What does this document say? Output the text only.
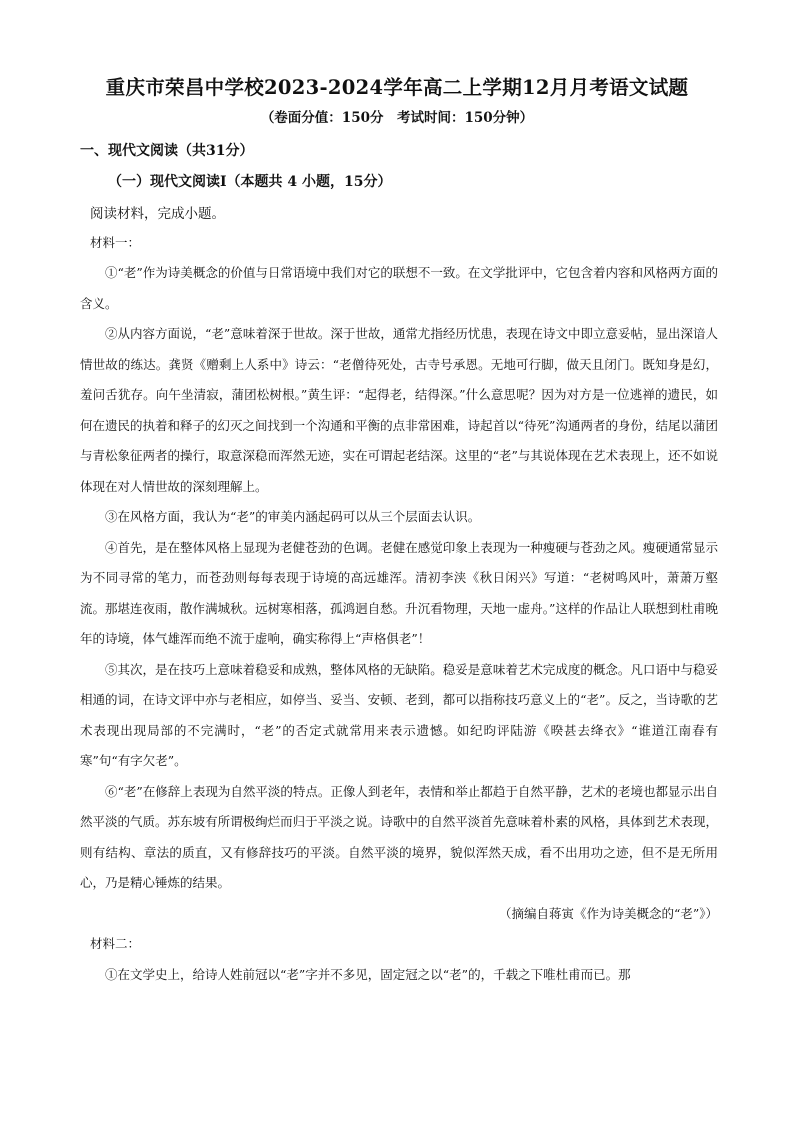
重庆市荣昌中学校2023-2024学年高二上学期12月月考语文试题
（卷面分值：150分　考试时间：150分钟）
一、现代文阅读（共31分）
（一）现代文阅读Ⅰ（本题共 4 小题，15分）
阅读材料，完成小题。
材料一：

①“老”作为诗美概念的价值与日常语境中我们对它的联想不一致。在文学批评中，它包含着内容和风格两方面的含义。

②从内容方面说，“老”意味着深于世故。深于世故，通常尤指经历忧患，表现在诗文中即立意妥帖，显出深谙人情世故的练达。龚贤《赠剩上人系中》诗云：“老僧待死处，古寺号承恩。无地可行脚，做天且闭门。既知身是幻，羞问舌犹存。向午坐清寂，蒲团松树根。”黄生评：“起得老，结得深。”什么意思呢？因为对方是一位逃禅的遗民，如何在遗民的执着和释子的幻灭之间找到一个沟通和平衡的点非常困难，诗起首以“待死”沟通两者的身份，结尾以蒲团与青松象征两者的操行，取意深稳而浑然无迹，实在可谓起老结深。这里的“老”与其说体现在艺术表现上，还不如说体现在对人情世故的深刻理解上。

③在风格方面，我认为“老”的审美内涵起码可以从三个层面去认识。

④首先，是在整体风格上显现为老健苍劲的色调。老健在感觉印象上表现为一种瘦硬与苍劲之风。瘦硬通常显示为不同寻常的笔力，而苍劲则每每表现于诗境的高远雄浑。清初李浃《秋日闲兴》写道：“老树鸣风叶，萧萧万壑流。那堪连夜雨，散作满城秋。远树寒相落，孤鸿迥自愁。升沉看物理，天地一虚舟。”这样的作品让人联想到杜甫晚年的诗境，体气雄浑而绝不流于虚响，确实称得上“声格俱老”！

⑤其次，是在技巧上意味着稳妥和成熟，整体风格的无缺陷。稳妥是意味着艺术完成度的概念。凡口语中与稳妥相通的词，在诗文评中亦与老相应，如停当、妥当、安顿、老到，都可以指称技巧意义上的“老”。反之，当诗歌的艺术表现出现局部的不完满时，“老”的否定式就常用来表示遗憾。如纪昀评陆游《暌甚去绛衣》“谁道江南春有寒”句“有字欠老”。

⑥“老”在修辞上表现为自然平淡的特点。正像人到老年，表情和举止都趋于自然平静，艺术的老境也都显示出自然平淡的气质。苏东坡有所谓极绚烂而归于平淡之说。诗歌中的自然平淡首先意味着朴素的风格，具体到艺术表现，则有结构、章法的质直，又有修辞技巧的平淡。自然平淡的境界，貌似浑然天成，看不出用功之迹，但不是无所用心，乃是精心锤炼的结果。

（摘编自蒋寅《作为诗美概念的“老”》）

材料二：

①在文学史上，给诗人姓前冠以“老”字并不多见，固定冠之以“老”的，千载之下唯杜甫而已。那
